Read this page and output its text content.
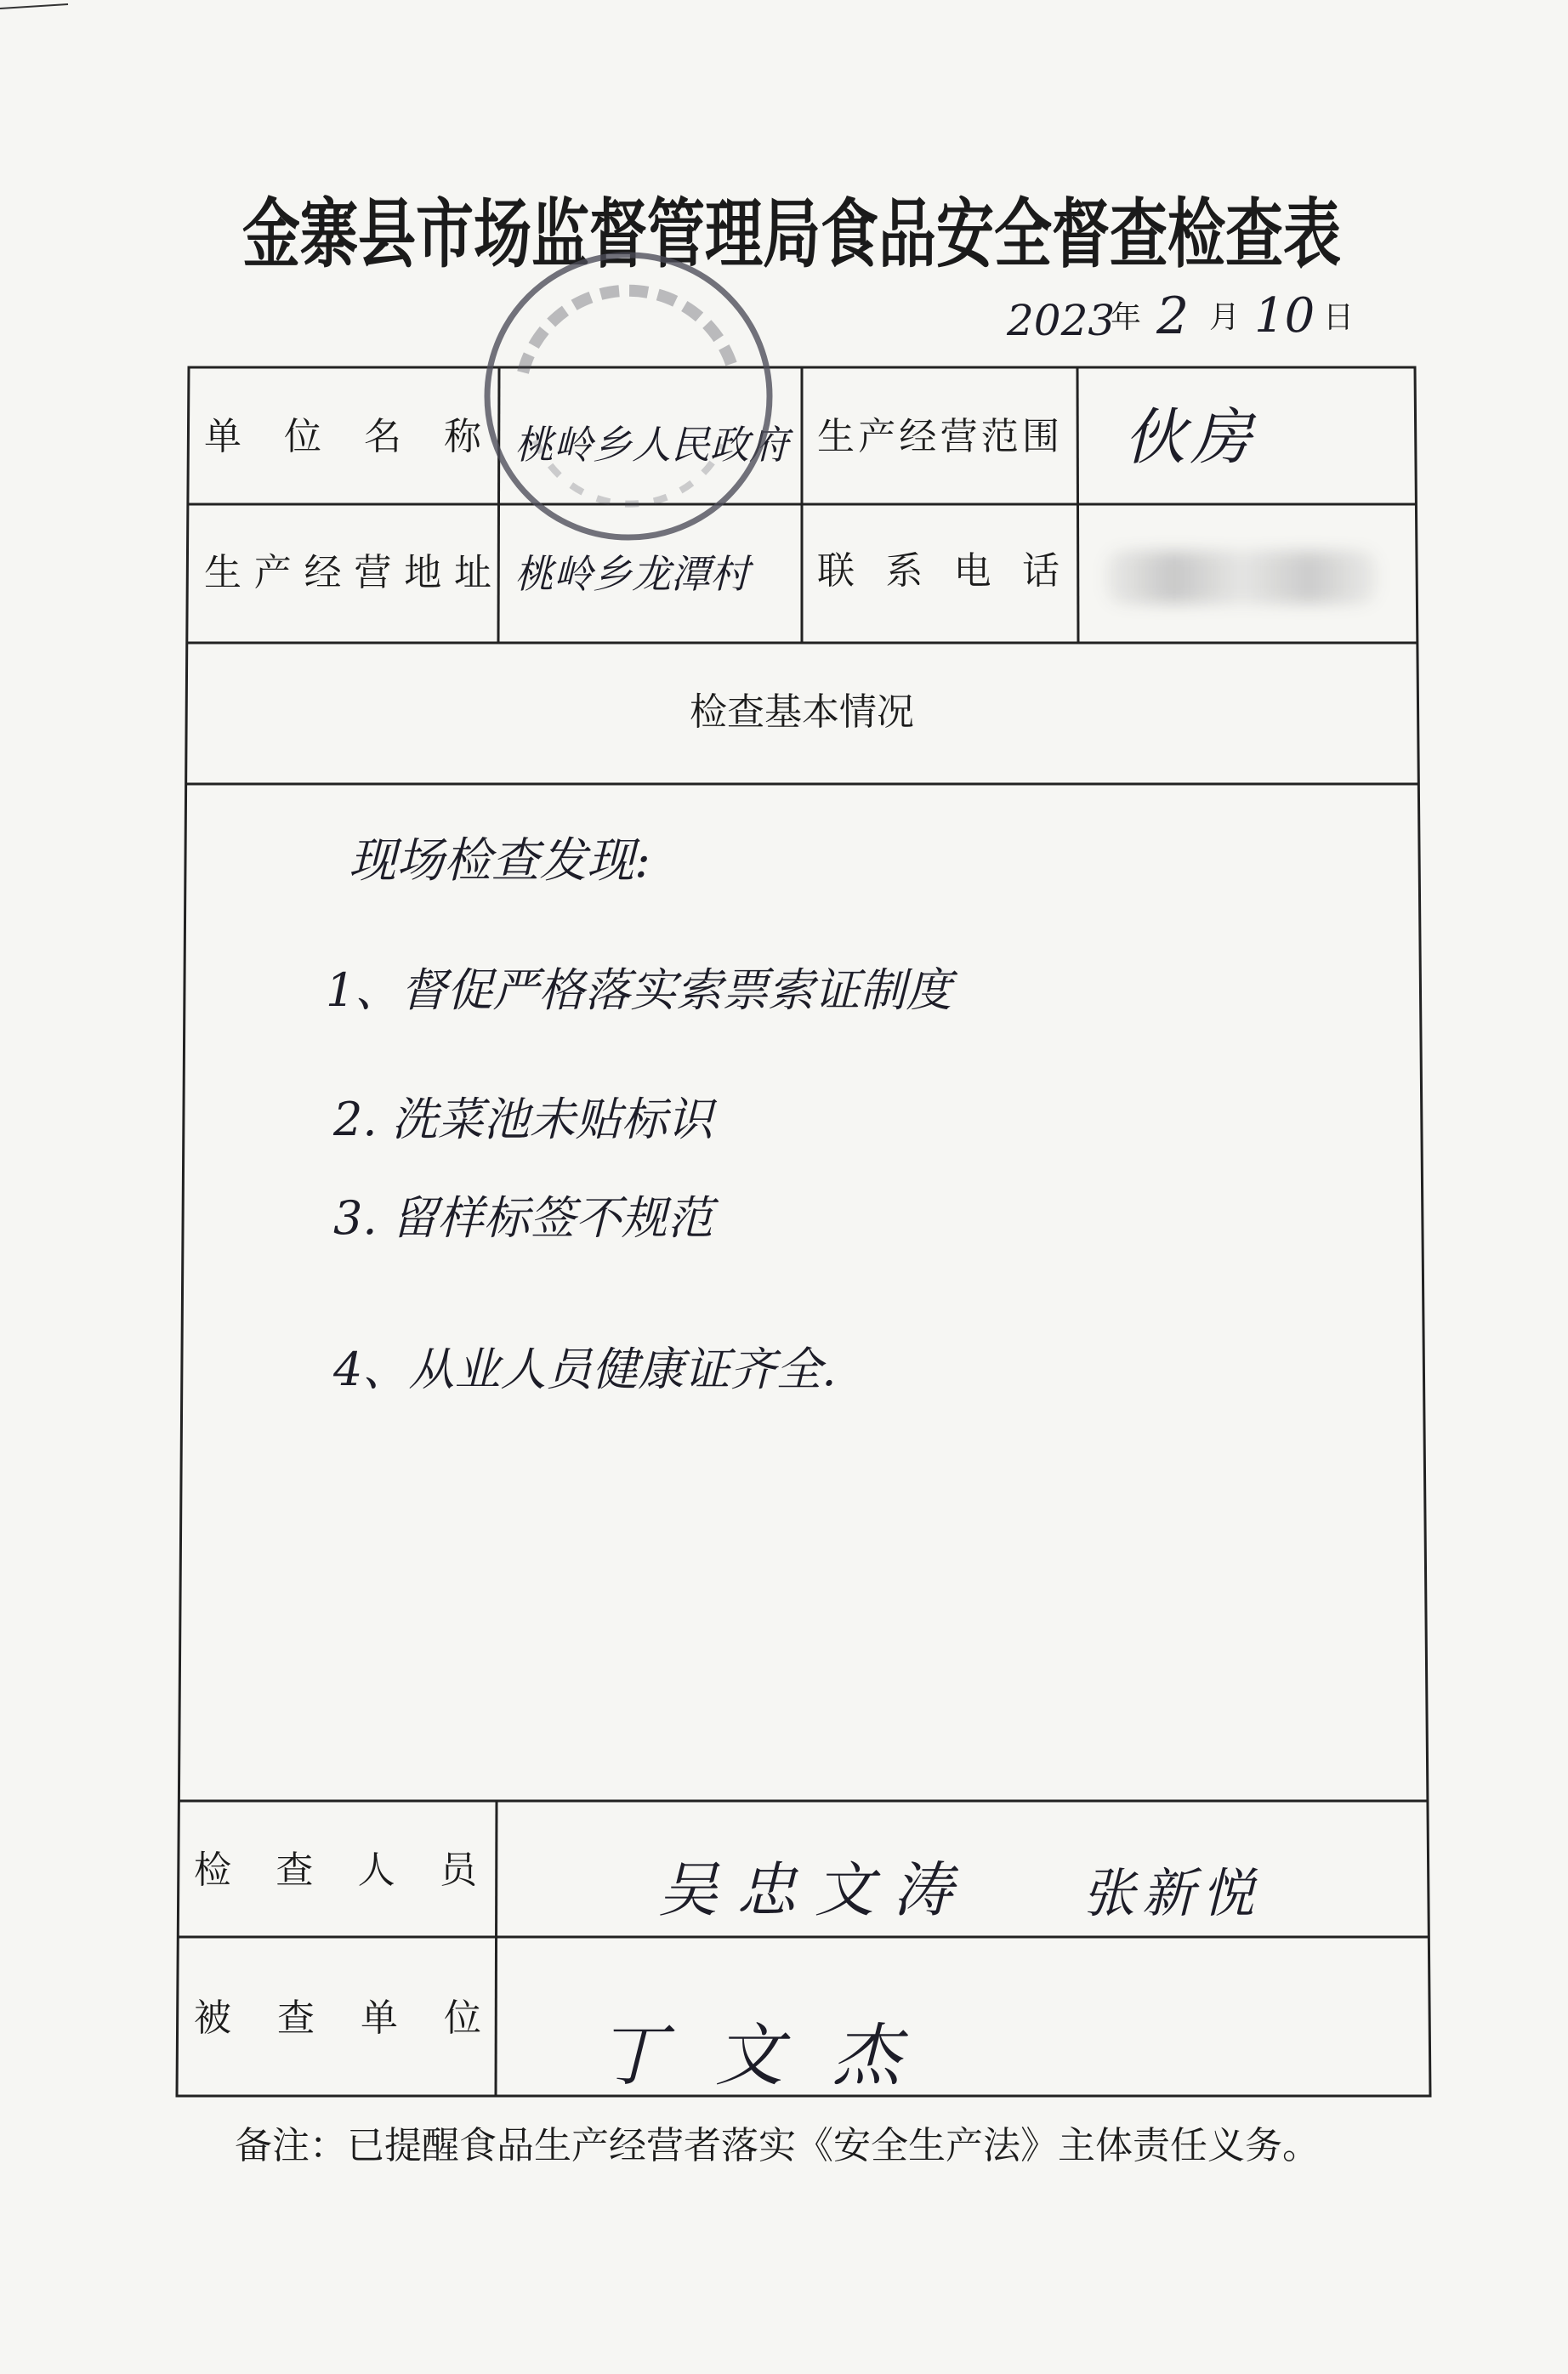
金寨县市场监督管理局食品安全督查检查表
2023
年 2 月 10 日
单位名称 桃岭乡人民政府 生产经营范围 伙房
生产经营地址 桃岭乡龙潭村 联系电话
检查基本情况
现场检查发现:
1、督促严格落实索票索证制度
2. 洗菜池未贴标识
3. 留样标签不规范
4、从业人员健康证齐全.
检查人员	吴忠文涛 张新悦
被查单位 丁文杰
备注：已提醒食品生产经营者落实《安全生产法》主体责任义务。
